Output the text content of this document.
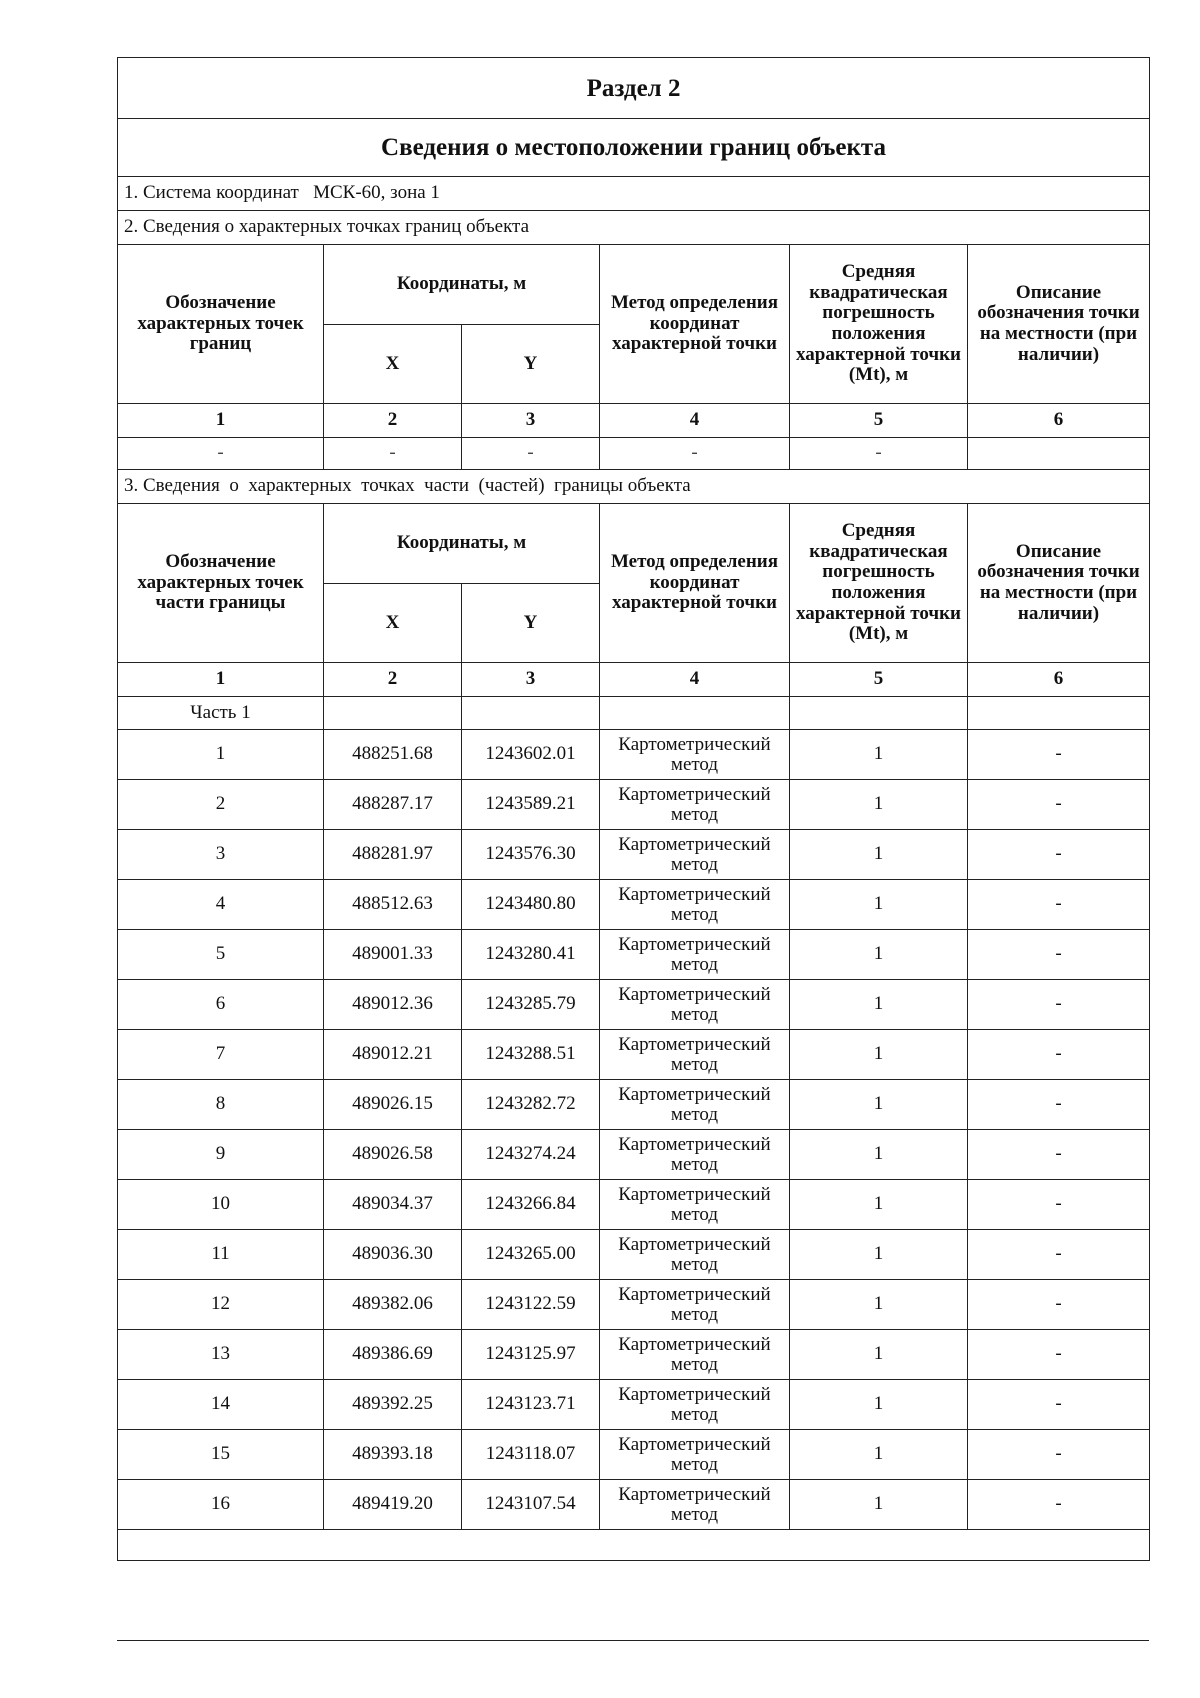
Раздел 2					
Сведения о местоположении границ объекта					
1. Система координат МСК-60, зона 1					
2. Сведения о характерных точках границ объекта					
Обозначение характерных точек границ	Координаты, м		Метод определения координат характерной точки	Средняя квадратическая погрешность положения характерной точки (Mt), м	Описание обозначения точки на местности (при наличии)
	X	Y			
1	2	3	4	5	6
-	-	-	-	-	
3. Сведения  о  характерных  точках  части  (частей)  границы объекта					
Обозначение характерных точек части границы	Координаты, м		Метод определения координат характерной точки	Средняя квадратическая погрешность положения характерной точки (Mt), м	Описание обозначения точки на местности (при наличии)
	X	Y			
1	2	3	4	5	6
Часть 1					
1	488251.68	1243602.01	Картометрический метод	1	-
2	488287.17	1243589.21	Картометрический метод	1	-
3	488281.97	1243576.30	Картометрический метод	1	-
4	488512.63	1243480.80	Картометрический метод	1	-
5	489001.33	1243280.41	Картометрический метод	1	-
6	489012.36	1243285.79	Картометрический метод	1	-
7	489012.21	1243288.51	Картометрический метод	1	-
8	489026.15	1243282.72	Картометрический метод	1	-
9	489026.58	1243274.24	Картометрический метод	1	-
10	489034.37	1243266.84	Картометрический метод	1	-
11	489036.30	1243265.00	Картометрический метод	1	-
12	489382.06	1243122.59	Картометрический метод	1	-
13	489386.69	1243125.97	Картометрический метод	1	-
14	489392.25	1243123.71	Картометрический метод	1	-
15	489393.18	1243118.07	Картометрический метод	1	-
16	489419.20	1243107.54	Картометрический метод	1	-
